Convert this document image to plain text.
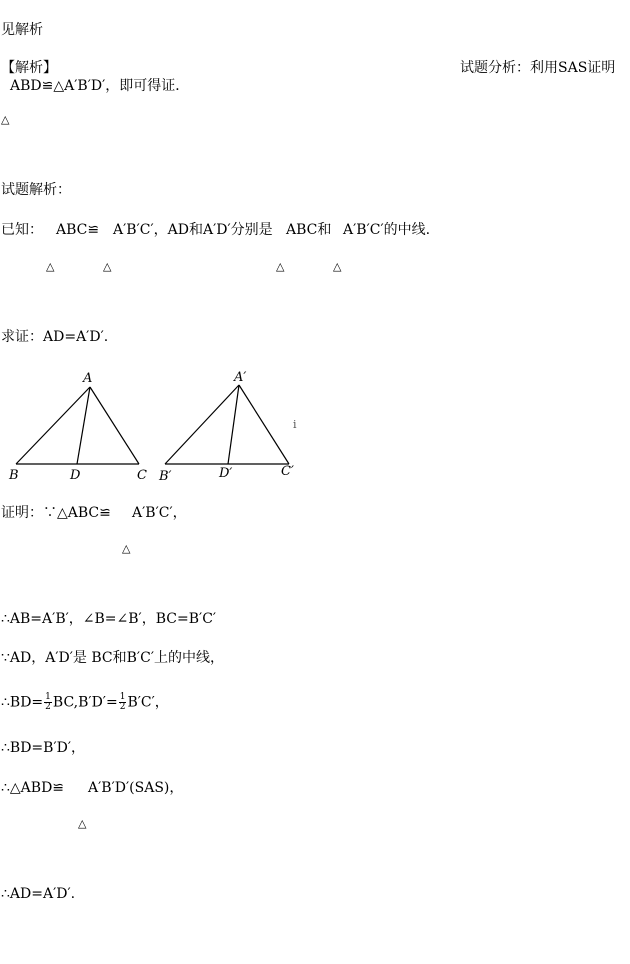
见解析
【解析】	试题分析：利用SAS证明
ABD≌△A′B′D′，即可得证．
△
试题解析：
已知： ABC≌ A′B′C′，AD和A′D′分别是 ABC和 A′B′C′的中线.
△	△	△	△
求证：AD=A′D′.
A
B	D	C
A′
B′	D′	C′
i
证明：∵△ABC≌ A′B′C′，
△
∴AB=A′B′，∠B=∠B′，BC=B′C′
∵AD，A′D′是 BC和B′C′上的中线，
∴BD= $\frac{1}{2} BC,B'D'= \frac{1}{2} B'C'$，
∴BD=B′D′，
∴△ABD≌ A′B′D′(SAS)，
△
∴AD=A′D′.
